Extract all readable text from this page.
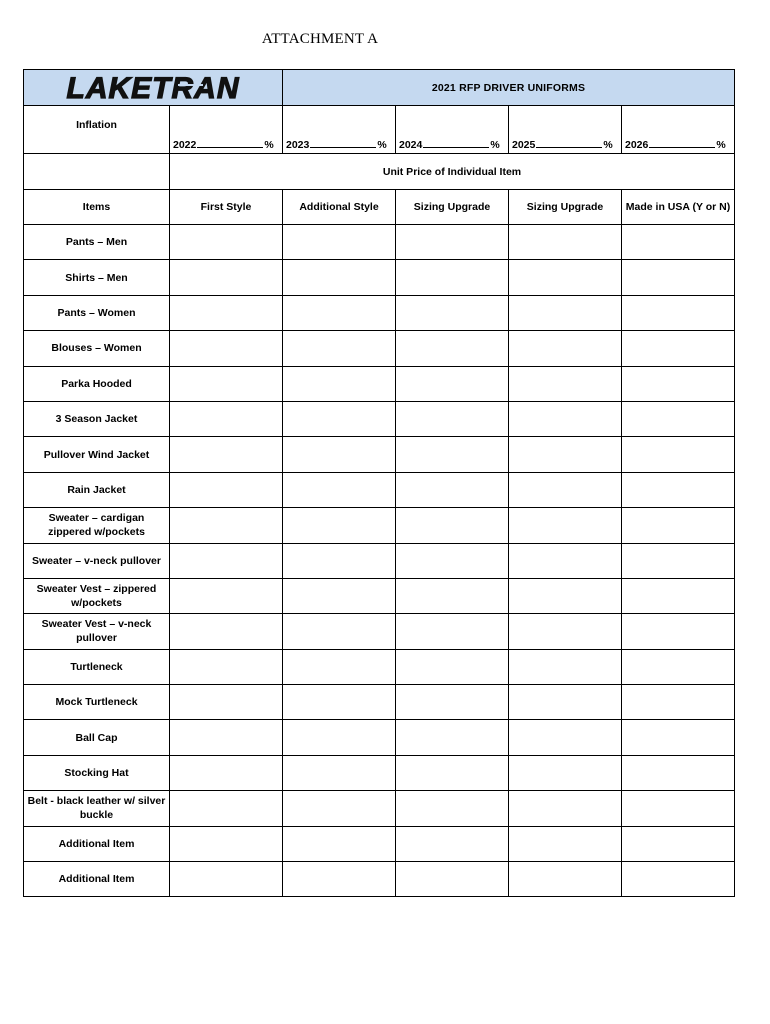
ATTACHMENT A
LAKETRAN		2021 RFP DRIVER UNIFORMS			
Inflation	2022 %	2023 %	2024 %	2025 %	2026 %
	Unit Price of Individual Item				
Items	First Style	Additional Style	Sizing Upgrade	Sizing Upgrade	Made in USA (Y or N)
Pants – Men					
Shirts – Men					
Pants – Women					
Blouses – Women					
Parka Hooded					
3 Season Jacket					
Pullover Wind Jacket					
Rain Jacket					
Sweater – cardigan zippered w/pockets					
Sweater – v-neck pullover					
Sweater Vest – zippered w/pockets					
Sweater Vest – v-neck pullover					
Turtleneck					
Mock Turtleneck					
Ball Cap					
Stocking Hat					
Belt - black leather w/ silver buckle					
Additional Item					
Additional Item					
